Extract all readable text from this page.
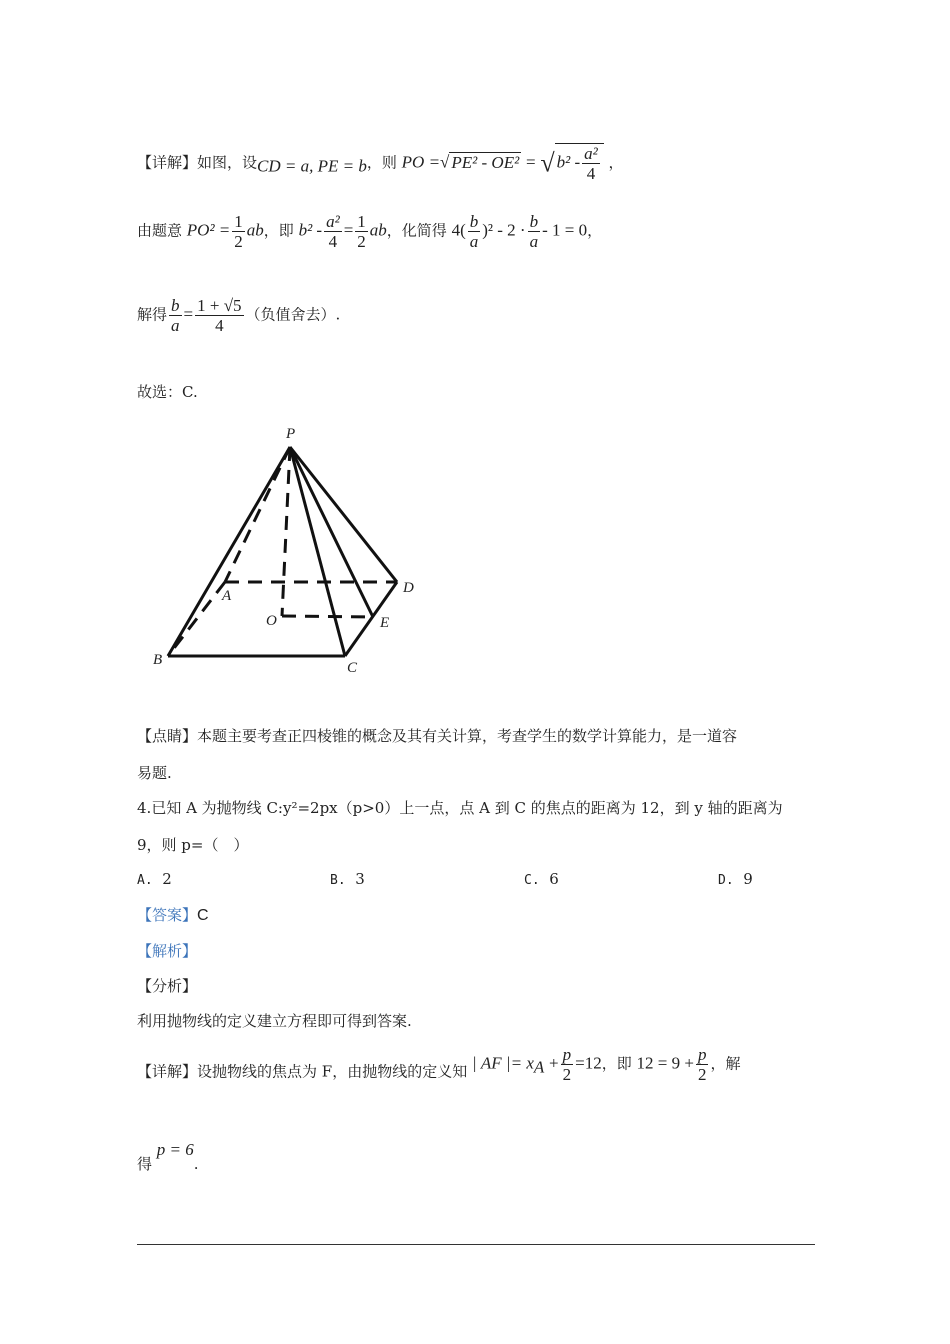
【详解】如图，设CD = a, PE = b，则 PO =√ PE² - OE² = √ $b^2 - \frac{\text{a²}}{4}$ ，
由题意 $PO^2 = \frac{1}{2}$ ab，即 $b^2 - \frac{\text{a²}}{4} = \frac{1}{2}$ ab，化简得 $4( \frac{b}{a} )^2 - 2 \cdot \frac{b}{a} - 1 = 0$，
解得 $\frac{b}{a} = \frac{1 + √5}{4}$ （负值舍去）.
故选：C.
P
A	D
O	E
B	C
【点睛】本题主要考查正四棱锥的概念及其有关计算，考查学生的数学计算能力，是一道容
易题.
4.已知 A 为抛物线 C:y²=2px（p>0）上一点，点 A 到 C 的焦点的距离为 12，到 y 轴的距离为
9，则 p=（　）
A. 2	B. 3	C. 6	D. 9
【答案】C
【解析】
【分析】
利用抛物线的定义建立方程即可得到答案.
【详解】设抛物线的焦点为 F，由抛物线的定义知 | AF |= $x_A + \frac{p}{2} =12$，即 $12 = 9 + \frac{p}{2}$ ，解
得 p = 6.
